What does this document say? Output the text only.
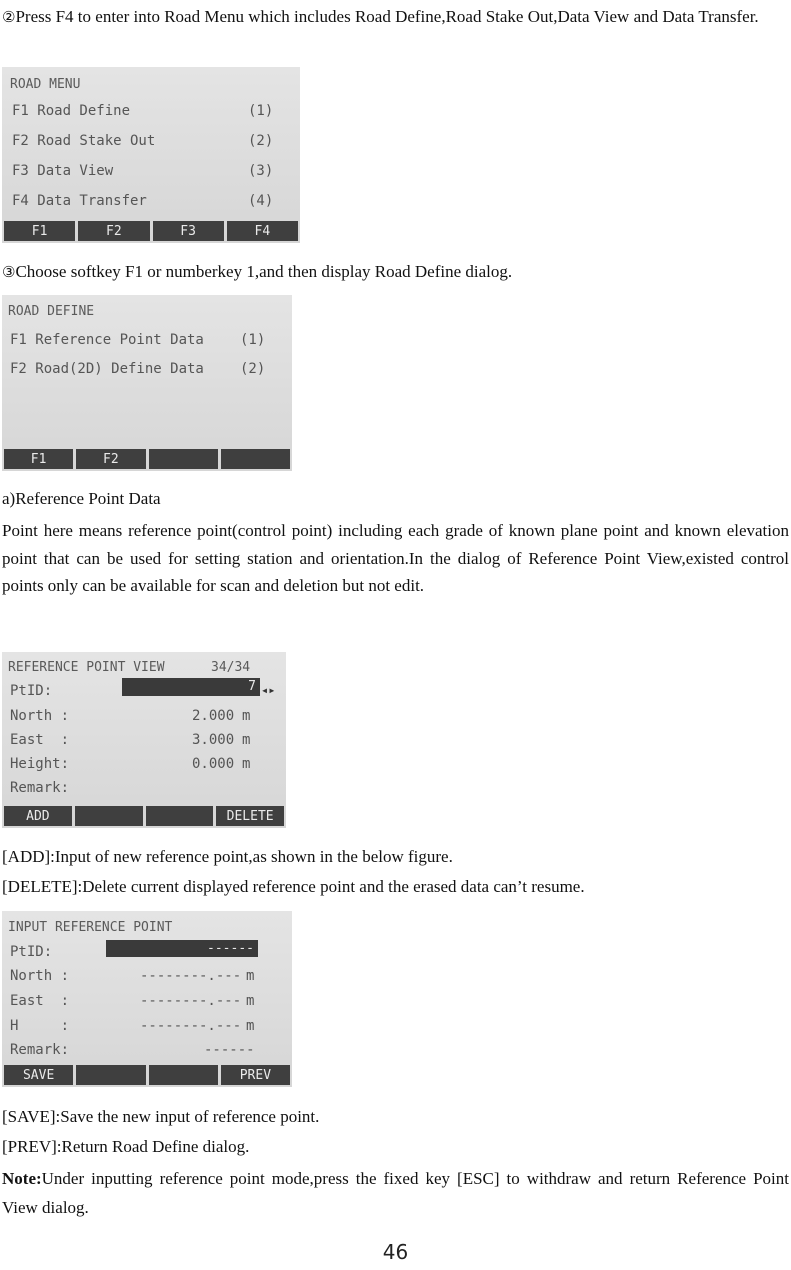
②Press F4 to enter into Road Menu which includes Road Define,Road Stake Out,Data View and Data Transfer.
ROAD MENU
F1 Road Define	(1)
F2 Road Stake Out	(2)
F3 Data View	(3)
F4 Data Transfer	(4)
F1	F2	F3	F4
③Choose softkey F1 or numberkey 1,and then display Road Define dialog.
ROAD DEFINE
F1 Reference Point Data	(1)
F2 Road(2D) Define Data	(2)
F1	F2
a)Reference Point Data
Point here means reference point(control point) including each grade of known plane point and known elevation point that can be used for setting station and orientation.In the dialog of Reference Point View,existed control points only can be available for scan and deletion but not edit.
REFERENCE POINT VIEW	34/34
PtID:	7 ◂▸
North :	2.000 m
East  :	3.000 m
Height:	0.000 m
Remark:
ADD	DELETE
[ADD]:Input of new reference point,as shown in the below figure.
[DELETE]:Delete current displayed reference point and the erased data can’t resume.
INPUT REFERENCE POINT
PtID:	------
North :	--------.--- m
East  :	--------.--- m
H     :	--------.--- m
Remark:	------
SAVE	PREV
[SAVE]:Save the new input of reference point.
[PREV]:Return Road Define dialog.
Note:Under inputting reference point mode,press the fixed key [ESC] to withdraw and return Reference Point View dialog.
46
